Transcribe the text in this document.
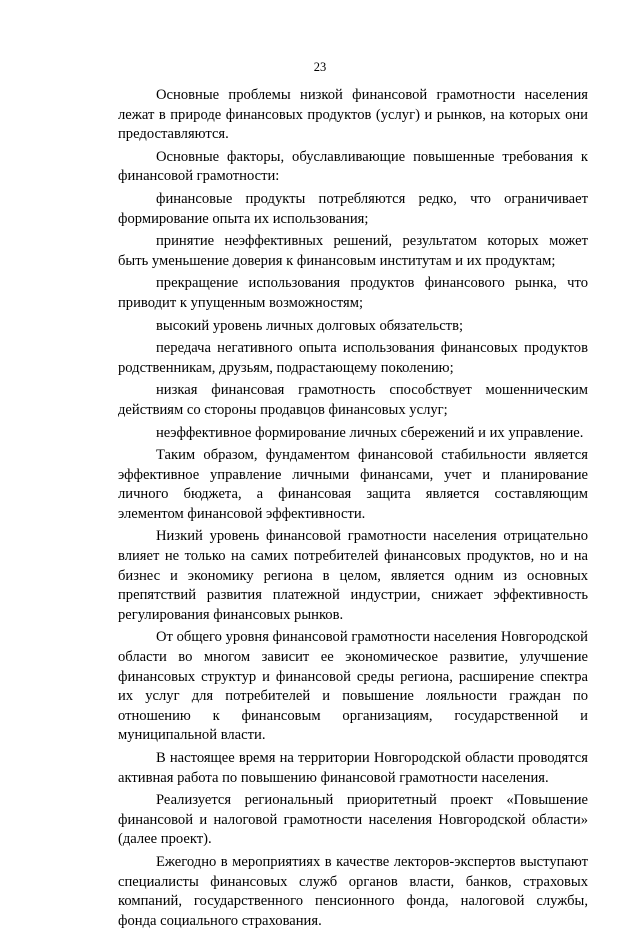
23

Основные проблемы низкой финансовой грамотности населения лежат в природе финансовых продуктов (услуг) и рынков, на которых они предоставляются.

Основные факторы, обуславливающие повышенные требования к финансовой грамотности:

финансовые продукты потребляются редко, что ограничивает формирование опыта их использования;

принятие неэффективных решений, результатом которых может быть уменьшение доверия к финансовым институтам и их продуктам;

прекращение использования продуктов финансового рынка, что приводит к упущенным возможностям;

высокий уровень личных долговых обязательств;

передача негативного опыта использования финансовых продуктов родственникам, друзьям, подрастающему поколению;

низкая финансовая грамотность способствует мошенническим действиям со стороны продавцов финансовых услуг;

неэффективное формирование личных сбережений и их управление.

Таким образом, фундаментом финансовой стабильности является эффективное управление личными финансами, учет и планирование личного бюджета, а финансовая защита является составляющим элементом финансовой эффективности.

Низкий уровень финансовой грамотности населения отрицательно влияет не только на самих потребителей финансовых продуктов, но и на бизнес и экономику региона в целом, является одним из основных препятствий развития платежной индустрии, снижает эффективность регулирования финансовых рынков.

От общего уровня финансовой грамотности населения Новгородской области во многом зависит ее экономическое развитие, улучшение финансовых структур и финансовой среды региона, расширение спектра их услуг для потребителей и повышение лояльности граждан по отношению к финансовым организациям, государственной и муниципальной власти.

В настоящее время на территории Новгородской области проводятся активная работа по повышению финансовой грамотности населения.

Реализуется региональный приоритетный проект «Повышение финансовой и налоговой грамотности населения Новгородской области» (далее проект).

Ежегодно в мероприятиях в качестве лекторов-экспертов выступают специалисты финансовых служб органов власти, банков, страховых компаний, государственного пенсионного фонда, налоговой службы, фонда социального страхования.
